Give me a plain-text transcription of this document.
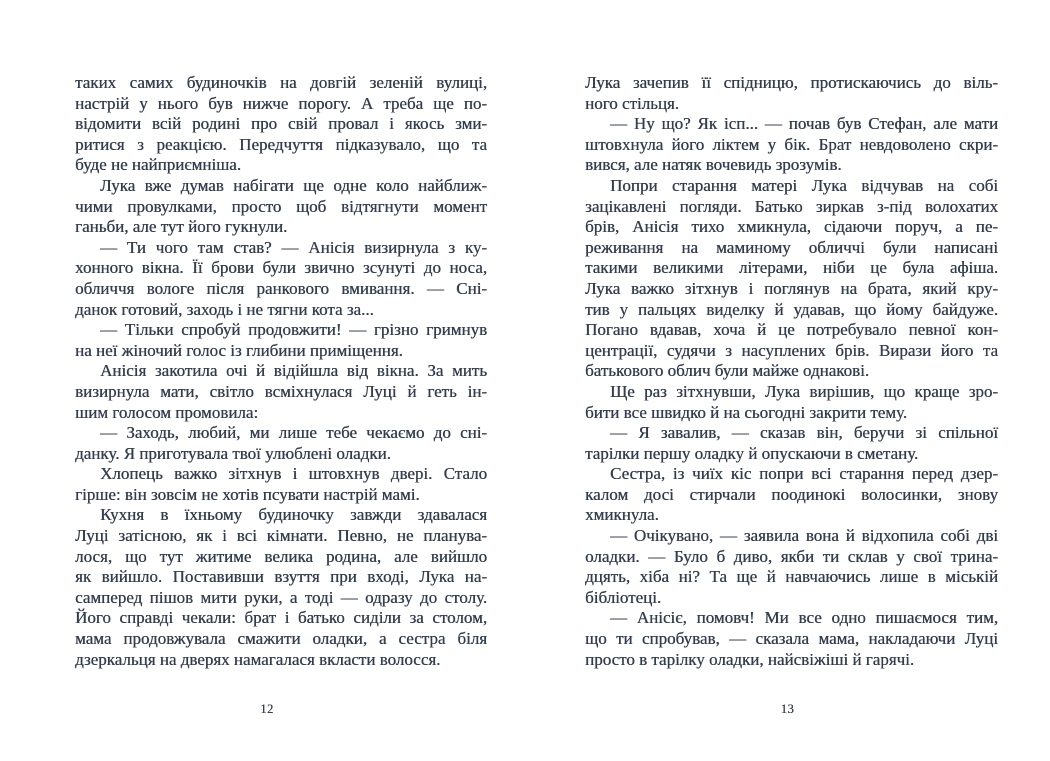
таких самих будиночків на довгій зеленій вулиці,
настрій у нього був нижче порогу. А треба ще по-
відомити всій родині про свій провал і якось зми-
ритися з реакцією. Передчуття підказувало, що та
буде не найприємніша.
Лука вже думав набігати ще одне коло найближ-
чими провулками, просто щоб відтягнути момент
ганьби, але тут його гукнули.
— Ти чого там став? — Анісія визирнула з ку-
хонного вікна. Її брови були звично зсунуті до носа,
обличчя вологе після ранкового вмивання. — Сні-
данок готовий, заходь і не тягни кота за...
— Тільки спробуй продовжити! — грізно гримнув
на неї жіночий голос із глибини приміщення.
Анісія закотила очі й відійшла від вікна. За мить
визирнула мати, світло всміхнулася Луці й геть ін-
шим голосом промовила:
— Заходь, любий, ми лише тебе чекаємо до сні-
данку. Я приготувала твої улюблені оладки.
Хлопець важко зітхнув і штовхнув двері. Стало
гірше: він зовсім не хотів псувати настрій мамі.
Кухня в їхньому будиночку завжди здавалася
Луці затісною, як і всі кімнати. Певно, не планува-
лося, що тут житиме велика родина, але вийшло
як вийшло. Поставивши взуття при вході, Лука на-
самперед пішов мити руки, а тоді — одразу до столу.
Його справді чекали: брат і батько сиділи за столом,
мама продовжувала смажити оладки, а сестра біля
дзеркальця на дверях намагалася вкласти волосся.
12
Лука зачепив її спідницю, протискаючись до віль-
ного стільця.
— Ну що? Як ісп... — почав був Стефан, але мати
штовхнула його ліктем у бік. Брат невдоволено скри-
вився, але натяк вочевидь зрозумів.
Попри старання матері Лука відчував на собі
зацікавлені погляди. Батько зиркав з-під волохатих
брів, Анісія тихо хмикнула, сідаючи поруч, а пе-
реживання на маминому обличчі були написані
такими великими літерами, ніби це була афіша.
Лука важко зітхнув і поглянув на брата, який кру-
тив у пальцях виделку й удавав, що йому байдуже.
Погано вдавав, хоча й це потребувало певної кон-
центрації, судячи з насуплених брів. Вирази його та
батькового облич були майже однакові.
Ще раз зітхнувши, Лука вирішив, що краще зро-
бити все швидко й на сьогодні закрити тему.
— Я завалив, — сказав він, беручи зі спільної
тарілки першу оладку й опускаючи в сметану.
Сестра, із чиїх кіс попри всі старання перед дзер-
калом досі стирчали поодинокі волосинки, знову
хмикнула.
— Очікувано, — заявила вона й відхопила собі дві
оладки. — Було б диво, якби ти склав у свої трина-
дцять, хіба ні? Та ще й навчаючись лише в міській
бібліотеці.
— Анісіє, помовч! Ми все одно пишаємося тим,
що ти спробував, — сказала мама, накладаючи Луці
просто в тарілку оладки, найсвіжіші й гарячі.
13
